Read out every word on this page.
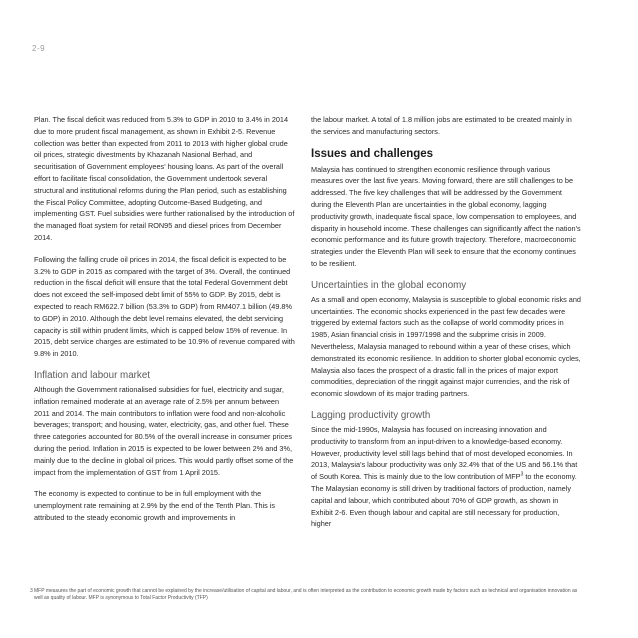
2-9

Plan. The fiscal deficit was reduced from 5.3% to GDP in 2010 to 3.4% in 2014 due to more prudent fiscal management, as shown in Exhibit 2-5. Revenue collection was better than expected from 2011 to 2013 with higher global crude oil prices, strategic divestments by Khazanah Nasional Berhad, and securitisation of Government employees' housing loans. As part of the overall effort to facilitate fiscal consolidation, the Government undertook several structural and institutional reforms during the Plan period, such as establishing the Fiscal Policy Committee, adopting Outcome-Based Budgeting, and implementing GST. Fuel subsidies were further rationalised by the introduction of the managed float system for retail RON95 and diesel prices from December 2014.

Following the falling crude oil prices in 2014, the fiscal deficit is expected to be 3.2% to GDP in 2015 as compared with the target of 3%. Overall, the continued reduction in the fiscal deficit will ensure that the total Federal Government debt does not exceed the self-imposed debt limit of 55% to GDP. By 2015, debt is expected to reach RM622.7 billion (53.3% to GDP) from RM407.1 billion (49.8% to GDP) in 2010. Although the debt level remains elevated, the debt servicing capacity is still within prudent limits, which is capped below 15% of revenue. In 2015, debt service charges are estimated to be 10.9% of revenue compared with 9.8% in 2010.

Inflation and labour market

Although the Government rationalised subsidies for fuel, electricity and sugar, inflation remained moderate at an average rate of 2.5% per annum between 2011 and 2014. The main contributors to inflation were food and non-alcoholic beverages; transport; and housing, water, electricity, gas, and other fuel. These three categories accounted for 80.5% of the overall increase in consumer prices during the period. Inflation in 2015 is expected to be lower between 2% and 3%, mainly due to the decline in global oil prices. This would partly offset some of the impact from the implementation of GST from 1 April 2015.

The economy is expected to continue to be in full employment with the unemployment rate remaining at 2.9% by the end of the Tenth Plan. This is attributed to the steady economic growth and improvements in

the labour market. A total of 1.8 million jobs are estimated to be created mainly in the services and manufacturing sectors.

Issues and challenges

Malaysia has continued to strengthen economic resilience through various measures over the last five years. Moving forward, there are still challenges to be addressed. The five key challenges that will be addressed by the Government during the Eleventh Plan are uncertainties in the global economy, lagging productivity growth, inadequate fiscal space, low compensation to employees, and disparity in household income. These challenges can significantly affect the nation's economic performance and its future growth trajectory. Therefore, macroeconomic strategies under the Eleventh Plan will seek to ensure that the economy continues to be resilient.

Uncertainties in the global economy

As a small and open economy, Malaysia is susceptible to global economic risks and uncertainties. The economic shocks experienced in the past few decades were triggered by external factors such as the collapse of world commodity prices in 1985, Asian financial crisis in 1997/1998 and the subprime crisis in 2009. Nevertheless, Malaysia managed to rebound within a year of these crises, which demonstrated its economic resilience. In addition to shorter global economic cycles, Malaysia also faces the prospect of a drastic fall in the prices of major export commodities, depreciation of the ringgit against major currencies, and the risk of economic slowdown of its major trading partners.

Lagging productivity growth

Since the mid-1990s, Malaysia has focused on increasing innovation and productivity to transform from an input-driven to a knowledge-based economy. However, productivity level still lags behind that of most developed economies. In 2013, Malaysia's labour productivity was only 32.4% that of the US and 56.1% that of South Korea. This is mainly due to the low contribution of MFP$^3$ to the economy. The Malaysian economy is still driven by traditional factors of production, namely capital and labour, which contributed about 70% of GDP growth, as shown in Exhibit 2-6. Even though labour and capital are still necessary for production, higher

3 MFP measures the part of economic growth that cannot be explained by the increase/utilisation of capital and labour, and is often interpreted as the contribution to economic growth made by factors such as technical and organisation innovation as well as quality of labour. MFP is synonymous to Total Factor Productivity (TFP)
